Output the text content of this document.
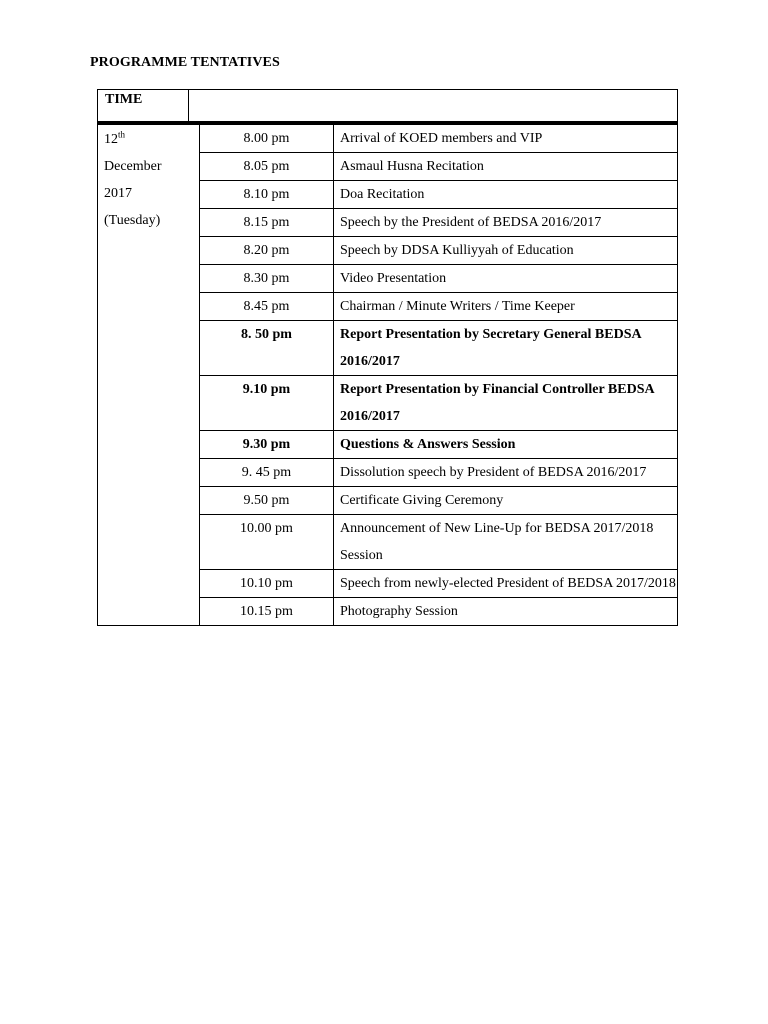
PROGRAMME TENTATIVES
TIME
12th
December
2017
(Tuesday)	8.00 pm	Arrival of KOED members and VIP
	8.05 pm	Asmaul Husna Recitation
	8.10 pm	Doa Recitation
	8.15 pm	Speech by the President of BEDSA 2016/2017
	8.20 pm	Speech by DDSA Kulliyyah of Education
	8.30 pm	Video Presentation
	8.45 pm	Chairman / Minute Writers / Time Keeper
	8. 50 pm	Report Presentation by Secretary General BEDSA 2016/2017
	9.10 pm	Report Presentation by Financial Controller BEDSA 2016/2017
	9.30 pm	Questions & Answers Session
	9. 45 pm	Dissolution speech by President of BEDSA 2016/2017
	9.50 pm	Certificate Giving Ceremony
	10.00 pm	Announcement of New Line-Up for BEDSA 2017/2018 Session
	10.10 pm	Speech from newly-elected President of BEDSA 2017/2018
	10.15 pm	Photography Session
